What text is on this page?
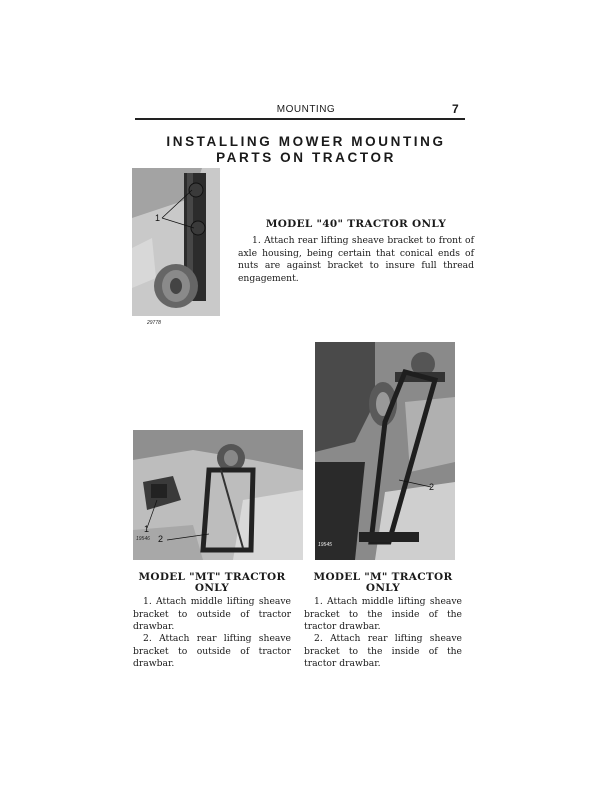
MOUNTING	7
INSTALLING MOWER MOUNTING
PARTS ON TRACTOR
1
29778
MODEL "40" TRACTOR ONLY
1. Attach rear lifting sheave bracket to front of axle housing, being certain that conical ends of nuts are against bracket to insure full thread engagement.
1
2
19546
2
19545
MODEL "MT" TRACTOR
ONLY
1. Attach middle lifting sheave bracket to outside of tractor drawbar.
2. Attach rear lifting sheave bracket to outside of tractor drawbar.
MODEL "M" TRACTOR
ONLY
1. Attach middle lifting sheave bracket to the inside of the tractor drawbar.
2. Attach rear lifting sheave bracket to the inside of the tractor drawbar.
